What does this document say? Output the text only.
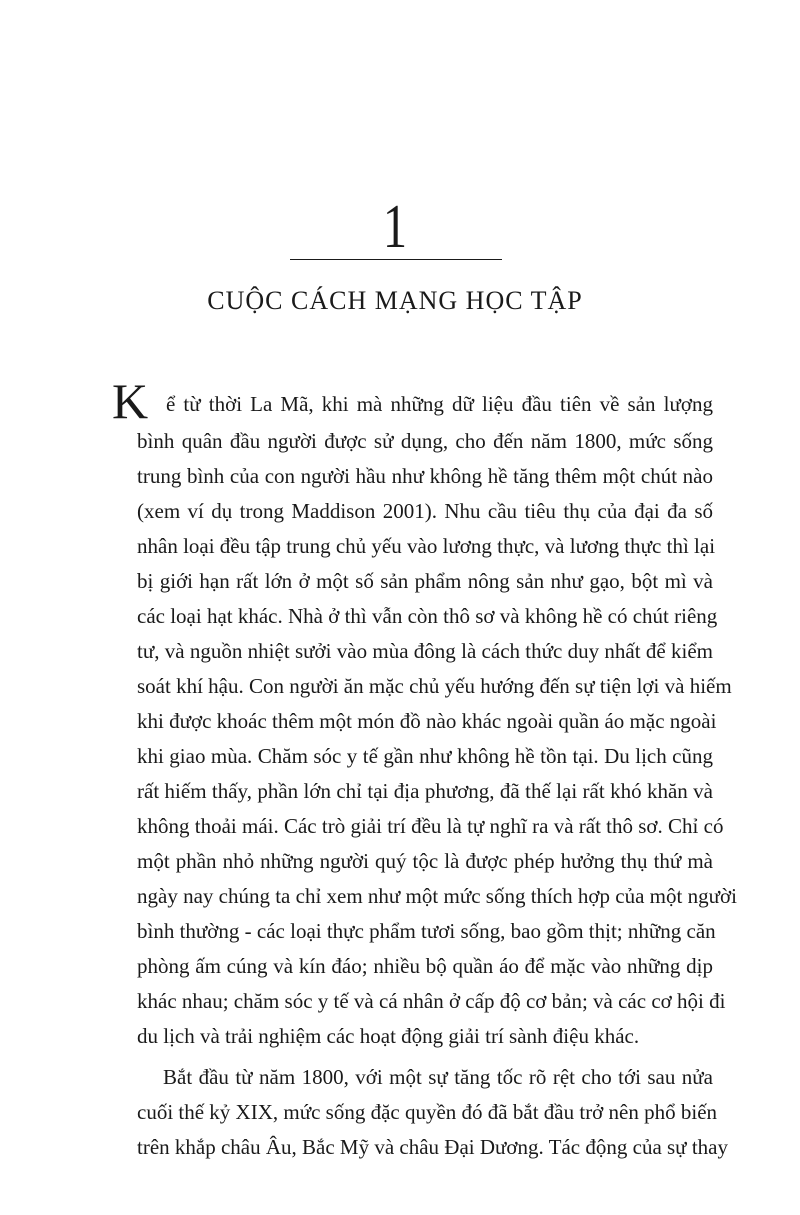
1
CUỘC CÁCH MẠNG HỌC TẬP
K ể từ thời La Mã, khi mà những dữ liệu đầu tiên về sản lượng
bình quân đầu người được sử dụng, cho đến năm 1800, mức sống
trung bình của con người hầu như không hề tăng thêm một chút nào
(xem ví dụ trong Maddison 2001). Nhu cầu tiêu thụ của đại đa số
nhân loại đều tập trung chủ yếu vào lương thực, và lương thực thì lại
bị giới hạn rất lớn ở một số sản phẩm nông sản như gạo, bột mì và
các loại hạt khác. Nhà ở thì vẫn còn thô sơ và không hề có chút riêng
tư, và nguồn nhiệt sưởi vào mùa đông là cách thức duy nhất để kiểm
soát khí hậu. Con người ăn mặc chủ yếu hướng đến sự tiện lợi và hiếm
khi được khoác thêm một món đồ nào khác ngoài quần áo mặc ngoài
khi giao mùa. Chăm sóc y tế gần như không hề tồn tại. Du lịch cũng
rất hiếm thấy, phần lớn chỉ tại địa phương, đã thế lại rất khó khăn và
không thoải mái. Các trò giải trí đều là tự nghĩ ra và rất thô sơ. Chỉ có
một phần nhỏ những người quý tộc là được phép hưởng thụ thứ mà
ngày nay chúng ta chỉ xem như một mức sống thích hợp của một người
bình thường - các loại thực phẩm tươi sống, bao gồm thịt; những căn
phòng ấm cúng và kín đáo; nhiều bộ quần áo để mặc vào những dịp
khác nhau; chăm sóc y tế và cá nhân ở cấp độ cơ bản; và các cơ hội đi
du lịch và trải nghiệm các hoạt động giải trí sành điệu khác.
Bắt đầu từ năm 1800, với một sự tăng tốc rõ rệt cho tới sau nửa
cuối thế kỷ XIX, mức sống đặc quyền đó đã bắt đầu trở nên phổ biến
trên khắp châu Âu, Bắc Mỹ và châu Đại Dương. Tác động của sự thay
